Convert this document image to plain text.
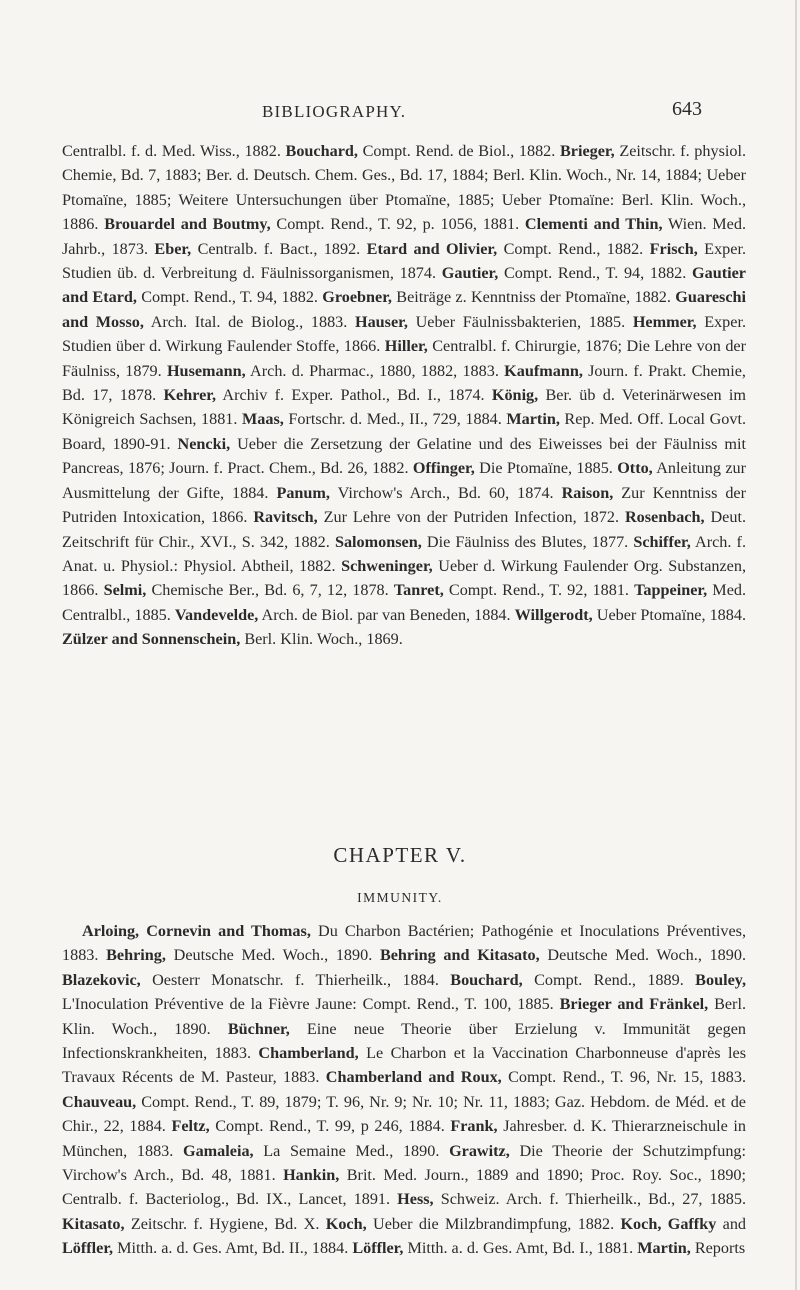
BIBLIOGRAPHY.	643
Centralbl. f. d. Med. Wiss., 1882. Bouchard, Compt. Rend. de Biol., 1882. Brieger, Zeitschr. f. physiol. Chemie, Bd. 7, 1883; Ber. d. Deutsch. Chem. Ges., Bd. 17, 1884; Berl. Klin. Woch., Nr. 14, 1884; Ueber Ptomaïne, 1885; Weitere Untersuchungen über Ptomaïne, 1885; Ueber Ptomaïne: Berl. Klin. Woch., 1886. Brouardel and Boutmy, Compt. Rend., T. 92, p. 1056, 1881. Clementi and Thin, Wien. Med. Jahrb., 1873. Eber, Centralb. f. Bact., 1892. Etard and Olivier, Compt. Rend., 1882. Frisch, Exper. Studien üb. d. Verbreitung d. Fäulnissorganismen, 1874. Gautier, Compt. Rend., T. 94, 1882. Gautier and Etard, Compt. Rend., T. 94, 1882. Groebner, Beiträge z. Kenntniss der Ptomaïne, 1882. Guareschi and Mosso, Arch. Ital. de Biolog., 1883. Hauser, Ueber Fäulnissbakterien, 1885. Hemmer, Exper. Studien über d. Wirkung Faulender Stoffe, 1866. Hiller, Centralbl. f. Chirurgie, 1876; Die Lehre von der Fäulniss, 1879. Husemann, Arch. d. Pharmac., 1880, 1882, 1883. Kaufmann, Journ. f. Prakt. Chemie, Bd. 17, 1878. Kehrer, Archiv f. Exper. Pathol., Bd. I., 1874. König, Ber. üb d. Veterinärwesen im Königreich Sachsen, 1881. Maas, Fortschr. d. Med., II., 729, 1884. Martin, Rep. Med. Off. Local Govt. Board, 1890-91. Nencki, Ueber die Zersetzung der Gelatine und des Eiweisses bei der Fäulniss mit Pancreas, 1876; Journ. f. Pract. Chem., Bd. 26, 1882. Offinger, Die Ptomaïne, 1885. Otto, Anleitung zur Ausmittelung der Gifte, 1884. Panum, Virchow's Arch., Bd. 60, 1874. Raison, Zur Kenntniss der Putriden Intoxication, 1866. Ravitsch, Zur Lehre von der Putriden Infection, 1872. Rosenbach, Deut. Zeitschrift für Chir., XVI., S. 342, 1882. Salomonsen, Die Fäulniss des Blutes, 1877. Schiffer, Arch. f. Anat. u. Physiol.: Physiol. Abtheil, 1882. Schweninger, Ueber d. Wirkung Faulender Org. Substanzen, 1866. Selmi, Chemische Ber., Bd. 6, 7, 12, 1878. Tanret, Compt. Rend., T. 92, 1881. Tappeiner, Med. Centralbl., 1885. Vandevelde, Arch. de Biol. par van Beneden, 1884. Willgerodt, Ueber Ptomaïne, 1884. Zülzer and Sonnenschein, Berl. Klin. Woch., 1869.
CHAPTER V.
IMMUNITY.
Arloing, Cornevin and Thomas, Du Charbon Bactérien; Pathogénie et Inoculations Préventives, 1883. Behring, Deutsche Med. Woch., 1890. Behring and Kitasato, Deutsche Med. Woch., 1890. Blazekovic, Oesterr Monatschr. f. Thierheilk., 1884. Bouchard, Compt. Rend., 1889. Bouley, L'Inoculation Préventive de la Fièvre Jaune: Compt. Rend., T. 100, 1885. Brieger and Fränkel, Berl. Klin. Woch., 1890. Büchner, Eine neue Theorie über Erzielung v. Immunität gegen Infectionskrankheiten, 1883. Chamberland, Le Charbon et la Vaccination Charbonneuse d'après les Travaux Récents de M. Pasteur, 1883. Chamberland and Roux, Compt. Rend., T. 96, Nr. 15, 1883. Chauveau, Compt. Rend., T. 89, 1879; T. 96, Nr. 9; Nr. 10; Nr. 11, 1883; Gaz. Hebdom. de Méd. et de Chir., 22, 1884. Feltz, Compt. Rend., T. 99, p 246, 1884. Frank, Jahresber. d. K. Thierarzneischule in München, 1883. Gamaleia, La Semaine Med., 1890. Grawitz, Die Theorie der Schutzimpfung: Virchow's Arch., Bd. 48, 1881. Hankin, Brit. Med. Journ., 1889 and 1890; Proc. Roy. Soc., 1890; Centralb. f. Bacteriolog., Bd. IX., Lancet, 1891. Hess, Schweiz. Arch. f. Thierheilk., Bd., 27, 1885. Kitasato, Zeitschr. f. Hygiene, Bd. X. Koch, Ueber die Milzbrandimpfung, 1882. Koch, Gaffky and Löffler, Mitth. a. d. Ges. Amt, Bd. II., 1884. Löffler, Mitth. a. d. Ges. Amt, Bd. I., 1881. Martin, Reports
